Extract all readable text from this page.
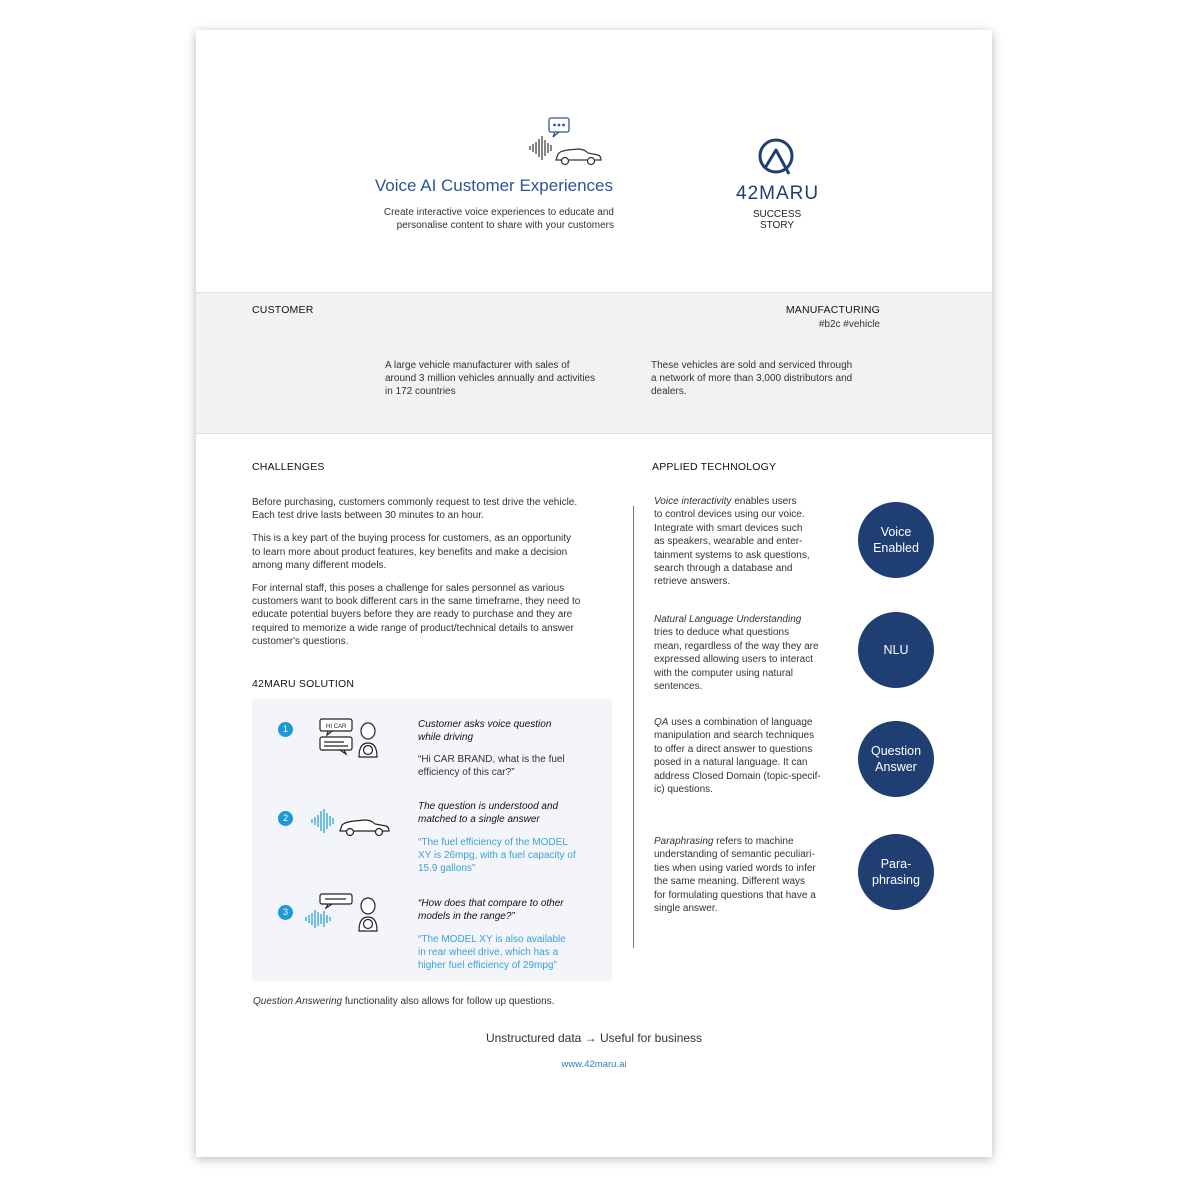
Voice AI Customer Experiences
Create interactive voice experiences to educate and
personalise content to share with your customers
42MARU
SUCCESS STORY
CUSTOMER	MANUFACTURING
#b2c #vehicle
A large vehicle manufacturer with sales of
around 3 million vehicles annually and activities
in 172 countries
These vehicles are sold and serviced through
a network of more than 3,000 distributors and
dealers.
CHALLENGES

Before purchasing, customers commonly request to test drive the vehicle.
Each test drive lasts between 30 minutes to an hour.

This is a key part of the buying process for customers, as an opportunity
to learn more about product features, key benefits and make a decision
among many different models.

For internal staff, this poses a challenge for sales personnel as various
customers want to book different cars in the same timeframe, they need to
educate potential buyers before they are ready to purchase and they are
required to memorize a wide range of product/technical details to answer
customer's questions.

42MARU SOLUTION
1	HI CAR	Customer asks voice question
while driving
“Hi CAR BRAND, what is the fuel
efficiency of this car?”
2
The question is understood and
matched to a single answer
“The fuel efficiency of the MODEL
XY is 26mpg, with a fuel capacity of
15.9 gallons”
3
“How does that compare to other
models in the range?”
“The MODEL XY is also available
in rear wheel drive, which has a
higher fuel efficiency of 29mpg”
Question Answering functionality also allows for follow up questions.
APPLIED TECHNOLOGY
Voice interactivity enables users
to control devices using our voice.
Integrate with smart devices such
as speakers, wearable and enter-
tainment systems to ask questions,
search through a database and
retrieve answers.
Voice
Enabled
Natural Language Understanding
tries to deduce what questions
mean, regardless of the way they are
expressed allowing users to interact
with the computer using natural
sentences.
NLU
QA uses a combination of language
manipulation and search techniques
to offer a direct answer to questions
posed in a natural language. It can
address Closed Domain (topic-specif-
ic) questions.
Question
Answer
Paraphrasing refers to machine
understanding of semantic peculiari-
ties when using varied words to infer
the same meaning. Different ways
for formulating questions that have a
single answer.
Para-
phrasing
Unstructured data → Useful for business
www.42maru.ai
